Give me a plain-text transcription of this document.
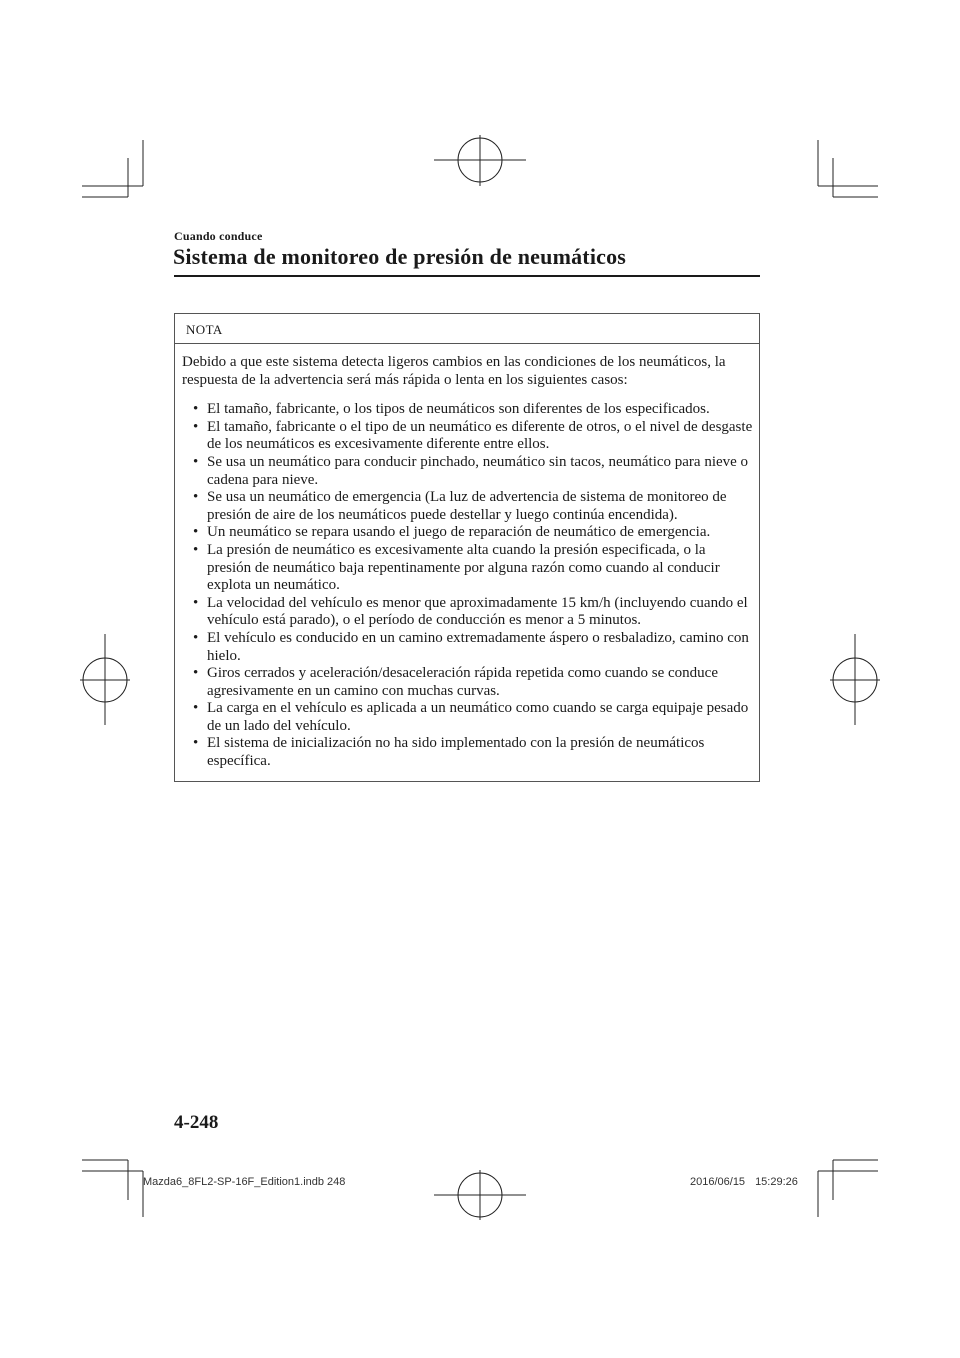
Cuando conduce
Sistema de monitoreo de presión de neumáticos
NOTA

Debido a que este sistema detecta ligeros cambios en las condiciones de los neumáticos, la respuesta de la advertencia será más rápida o lenta en los siguientes casos:

• El tamaño, fabricante, o los tipos de neumáticos son diferentes de los especificados.
• El tamaño, fabricante o el tipo de un neumático es diferente de otros, o el nivel de desgaste de los neumáticos es excesivamente diferente entre ellos.
• Se usa un neumático para conducir pinchado, neumático sin tacos, neumático para nieve o cadena para nieve.
• Se usa un neumático de emergencia (La luz de advertencia de sistema de monitoreo de presión de aire de los neumáticos puede destellar y luego continúa encendida).
• Un neumático se repara usando el juego de reparación de neumático de emergencia.
• La presión de neumático es excesivamente alta cuando la presión especificada, o la presión de neumático baja repentinamente por alguna razón como cuando al conducir explota un neumático.
• La velocidad del vehículo es menor que aproximadamente 15 km/h (incluyendo cuando el vehículo está parado), o el período de conducción es menor a 5 minutos.
• El vehículo es conducido en un camino extremadamente áspero o resbaladizo, camino con hielo.
• Giros cerrados y aceleración/desaceleración rápida repetida como cuando se conduce agresivamente en un camino con muchas curvas.
• La carga en el vehículo es aplicada a un neumático como cuando se carga equipaje pesado de un lado del vehículo.
• El sistema de inicialización no ha sido implementado con la presión de neumáticos específica.
4-248
Mazda6_8FL2-SP-16F_Edition1.indb 248	2016/06/15 15:29:26
